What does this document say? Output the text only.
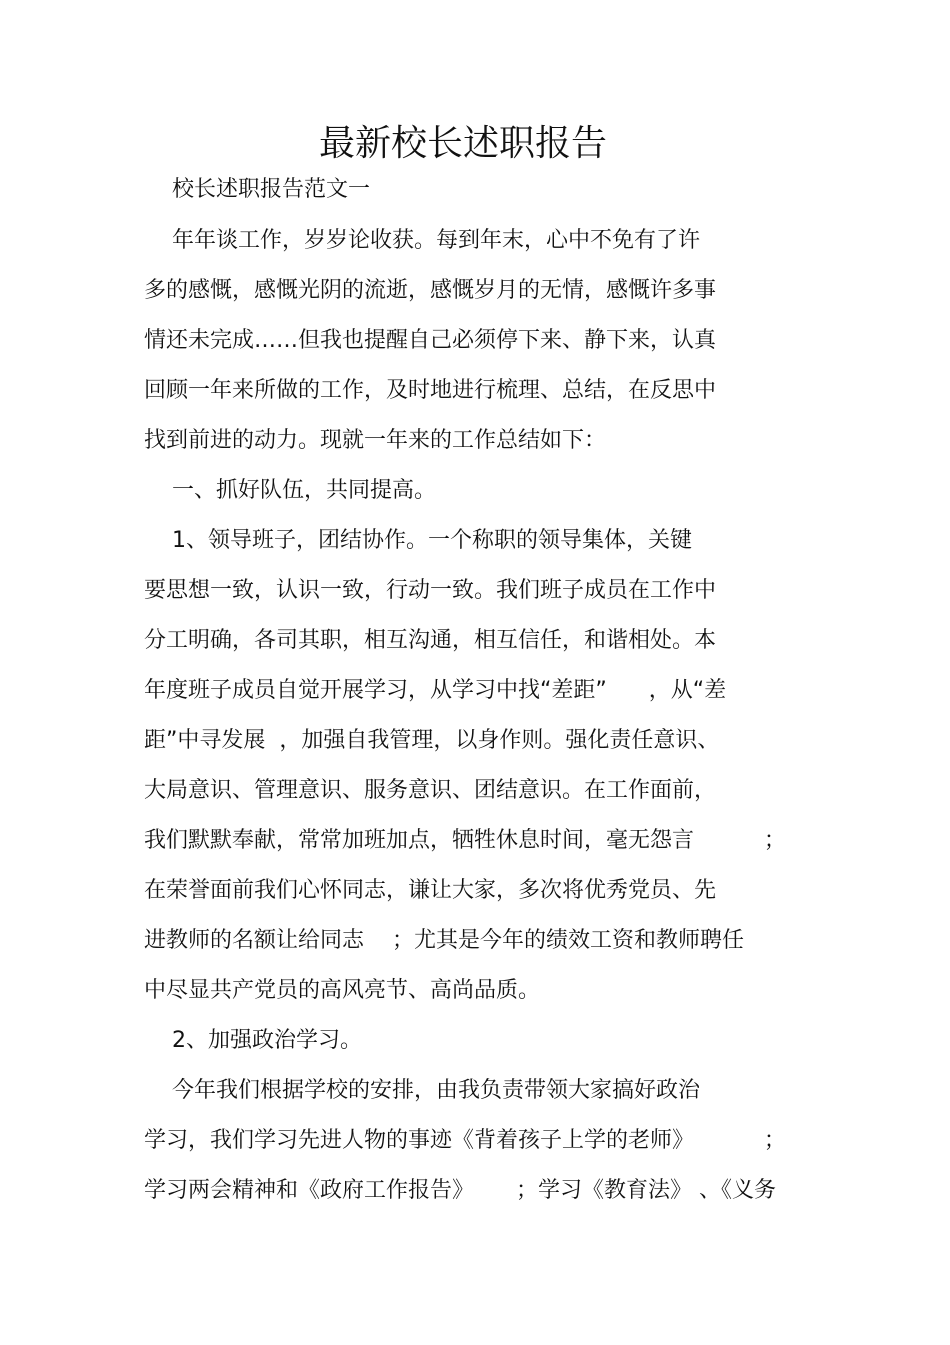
最新校长述职报告

校长述职报告范文一

年年谈工作，岁岁论收获。每到年末，心中不免有了许

多的感慨，感慨光阴的流逝，感慨岁月的无情，感慨许多事

情还未完成……但我也提醒自己必须停下来、静下来，认真

回顾一年来所做的工作，及时地进行梳理、总结，在反思中

找到前进的动力。现就一年来的工作总结如下：

一、抓好队伍，共同提高。

1、领导班子，团结协作。一个称职的领导集体，关键

要思想一致，认识一致，行动一致。我们班子成员在工作中

分工明确，各司其职，相互沟通，相互信任，和谐相处。本

年度班子成员自觉开展学习，从学习中找“差距”      ，从“差

距”中寻发展  ，加强自我管理，以身作则。强化责任意识、

大局意识、管理意识、服务意识、团结意识。在工作面前，

我们默默奉献，常常加班加点，牺牲休息时间，毫无怨言          ；

在荣誉面前我们心怀同志，谦让大家，多次将优秀党员、先

进教师的名额让给同志    ；尤其是今年的绩效工资和教师聘任

中尽显共产党员的高风亮节、高尚品质。

2、加强政治学习。

今年我们根据学校的安排，由我负责带领大家搞好政治

学习，我们学习先进人物的事迹《背着孩子上学的老师》          ；

学习两会精神和《政府工作报告》      ；学习《教育法》 、《义务
